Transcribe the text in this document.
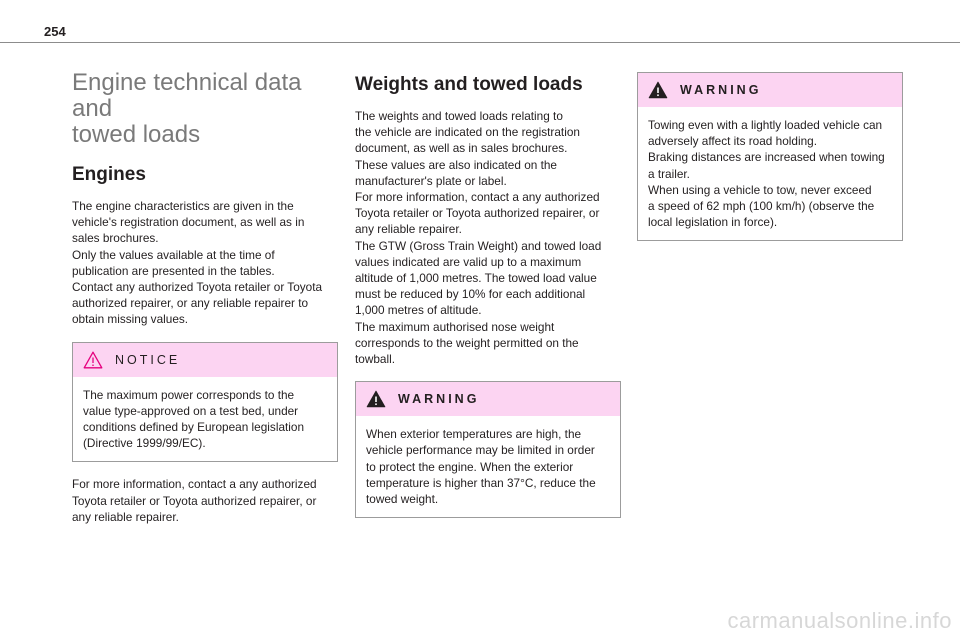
254
Engine technical data and
towed loads
Engines

The engine characteristics are given in the
vehicle's registration document, as well as in
sales brochures.
Only the values available at the time of
publication are presented in the tables.
Contact any authorized Toyota retailer or Toyota
authorized repairer, or any reliable repairer to
obtain missing values.

NOTICE
The maximum power corresponds to the
value type-approved on a test bed, under
conditions defined by European legislation
(Directive 1999/99/EC).

For more information, contact a any authorized
Toyota retailer or Toyota authorized repairer, or
any reliable repairer.

Weights and towed loads

The weights and towed loads relating to
the vehicle are indicated on the registration
document, as well as in sales brochures.
These values are also indicated on the
manufacturer's plate or label.
For more information, contact a any authorized
Toyota retailer or Toyota authorized repairer, or
any reliable repairer.
The GTW (Gross Train Weight) and towed load
values indicated are valid up to a maximum
altitude of 1,000 metres. The towed load value
must be reduced by 10% for each additional
1,000 metres of altitude.
The maximum authorised nose weight
corresponds to the weight permitted on the
towball.

WARNING
When exterior temperatures are high, the
vehicle performance may be limited in order
to protect the engine. When the exterior
temperature is higher than 37°C, reduce the
towed weight.
WARNING
Towing even with a lightly loaded vehicle can
adversely affect its road holding.
Braking distances are increased when towing
a trailer.
When using a vehicle to tow, never exceed
a speed of 62 mph (100 km/h) (observe the
local legislation in force).
carmanualsonline.info
